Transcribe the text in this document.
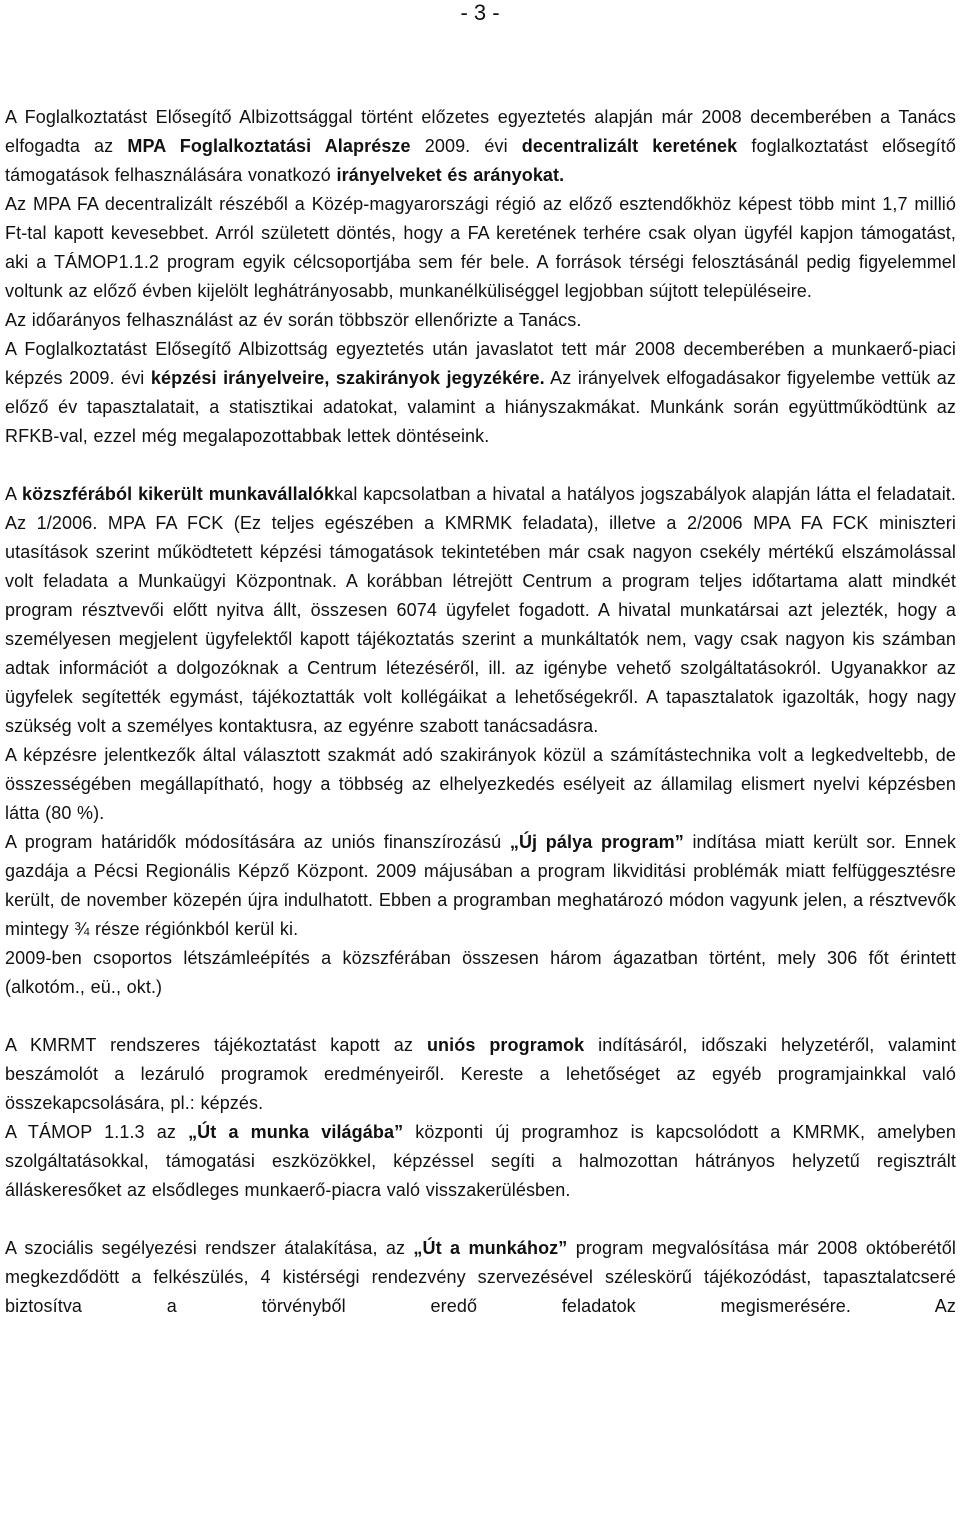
- 3 -

A Foglalkoztatást Elősegítő Albizottsággal történt előzetes egyeztetés alapján már 2008 decemberében a Tanács elfogadta az MPA Foglalkoztatási Alaprésze 2009. évi decentralizált keretének foglalkoztatást elősegítő támogatások felhasználására vonatkozó irányelveket és arányokat.

Az MPA FA decentralizált részéből a Közép-magyarországi régió az előző esztendőkhöz képest több mint 1,7 millió Ft-tal kapott kevesebbet. Arról született döntés, hogy a FA keretének terhére csak olyan ügyfél kapjon támogatást, aki a TÁMOP1.1.2 program egyik célcsoportjába sem fér bele. A források térségi felosztásánál pedig figyelemmel voltunk az előző évben kijelölt leghátrányosabb, munkanélküliséggel legjobban sújtott településeire.

Az időarányos felhasználást az év során többször ellenőrizte a Tanács.

A Foglalkoztatást Elősegítő Albizottság egyeztetés után javaslatot tett már 2008 decemberében a munkaerő-piaci képzés 2009. évi képzési irányelveire, szakirányok jegyzékére. Az irányelvek elfogadásakor figyelembe vettük az előző év tapasztalatait, a statisztikai adatokat, valamint a hiányszakmákat. Munkánk során együttműködtünk az RFKB-val, ezzel még megalapozottabbak lettek döntéseink.

A közszférából kikerült munkavállalókkal kapcsolatban a hivatal a hatályos jogszabályok alapján látta el feladatait. Az 1/2006. MPA FA FCK (Ez teljes egészében a KMRMK feladata), illetve a 2/2006 MPA FA FCK miniszteri utasítások szerint működtetett képzési támogatások tekintetében már csak nagyon csekély mértékű elszámolással volt feladata a Munkaügyi Központnak. A korábban létrejött Centrum a program teljes időtartama alatt mindkét program résztvevői előtt nyitva állt, összesen 6074 ügyfelet fogadott. A hivatal munkatársai azt jelezték, hogy a személyesen megjelent ügyfelektől kapott tájékoztatás szerint a munkáltatók nem, vagy csak nagyon kis számban adtak információt a dolgozóknak a Centrum létezéséről, ill. az igénybe vehető szolgáltatásokról. Ugyanakkor az ügyfelek segítették egymást, tájékoztatták volt kollégáikat a lehetőségekről. A tapasztalatok igazolták, hogy nagy szükség volt a személyes kontaktusra, az egyénre szabott tanácsadásra.

A képzésre jelentkezők által választott szakmát adó szakirányok közül a számítástechnika volt a legkedveltebb, de összességében megállapítható, hogy a többség az elhelyezkedés esélyeit az államilag elismert nyelvi képzésben látta (80 %).

A program határidők módosítására az uniós finanszírozású „Új pálya program” indítása miatt került sor. Ennek gazdája a Pécsi Regionális Képző Központ. 2009 májusában a program likviditási problémák miatt felfüggesztésre került, de november közepén újra indulhatott. Ebben a programban meghatározó módon vagyunk jelen, a résztvevők mintegy ¾ része régiónkból kerül ki.

2009-ben csoportos létszámleépítés a közszférában összesen három ágazatban történt, mely 306 főt érintett (alkotóm., eü., okt.)

A KMRMT rendszeres tájékoztatást kapott az uniós programok indításáról, időszaki helyzetéről, valamint beszámolót a lezáruló programok eredményeiről. Kereste a lehetőséget az egyéb programjainkkal való összekapcsolására, pl.: képzés.

A TÁMOP 1.1.3 az „Út a munka világába” központi új programhoz is kapcsolódott a KMRMK, amelyben szolgáltatásokkal, támogatási eszközökkel, képzéssel segíti a halmozottan hátrányos helyzetű regisztrált álláskeresőket az elsődleges munkaerő-piacra való visszakerülésben.

A szociális segélyezési rendszer átalakítása, az „Út a munkához” program megvalósítása már 2008 októberétől megkezdődött a felkészülés, 4 kistérségi rendezvény szervezésével széleskörű tájékozódást, tapasztalatcseré biztosítva a törvényből eredő feladatok megismerésére. Az
